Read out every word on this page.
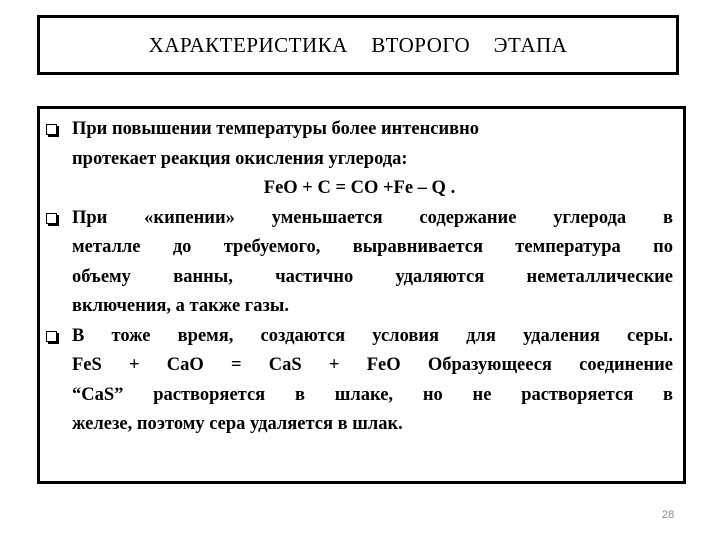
ХАРАКТЕРИСТИКА  ВТОРОГО  ЭТАПА
При повышении температуры более интенсивно
протекает реакция окисления углерода:
FeO + C = CO +Fe – Q .
При «кипении» уменьшается содержание углерода в
металле до требуемого, выравнивается температура по
объему ванны, частично удаляются неметаллические
включения, а также газы.
В тоже время, создаются условия для удаления серы.
FeS + CaO = CaS + FeO Образующееся соединение
“CaS” растворяется в шлаке, но не растворяется в
железе, поэтому сера удаляется в шлак.
28
